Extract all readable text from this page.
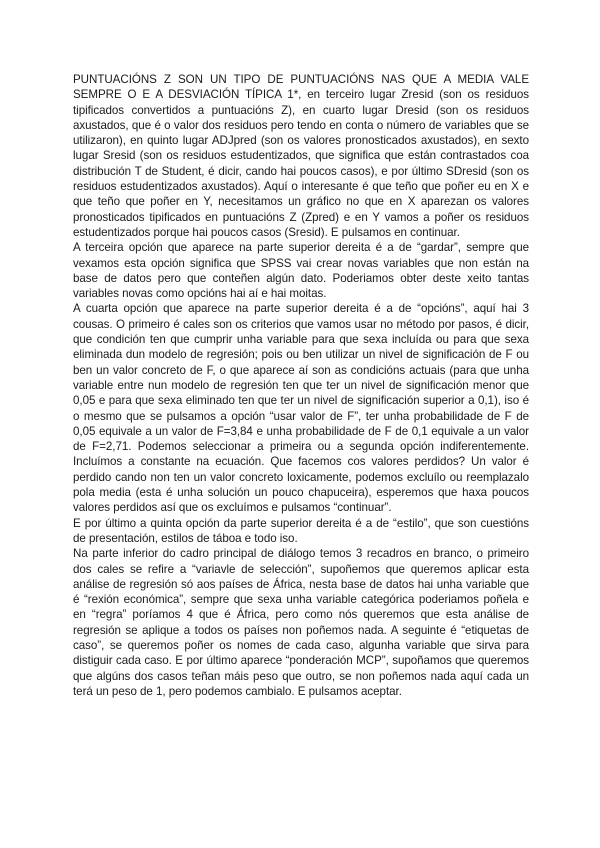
PUNTUACIÓNS Z SON UN TIPO DE PUNTUACIÓNS NAS QUE A MEDIA VALE SEMPRE O E A DESVIACIÓN TÍPICA 1*, en terceiro lugar Zresid (son os residuos tipificados convertidos a puntuacións Z), en cuarto lugar Dresid (son os residuos axustados, que é o valor dos residuos pero tendo en conta o número de variables que se utilizaron), en quinto lugar ADJpred (son os valores pronosticados axustados), en sexto lugar Sresid (son os residuos estudentizados, que significa que están contrastados coa distribución T de Student, é dicir, cando hai poucos casos), e por último SDresid (son os residuos estudentizados axustados). Aquí o interesante é que teño que poñer eu en X e que teño que poñer en Y, necesitamos un gráfico no que en X aparezan os valores pronosticados tipificados en puntuacións Z (Zpred) e en Y vamos a poñer os residuos estudentizados porque hai poucos casos (Sresid). E pulsamos en continuar.

A terceira opción que aparece na parte superior dereita é a de “gardar”, sempre que vexamos esta opción significa que SPSS vai crear novas variables que non están na base de datos pero que conteñen algún dato. Poderiamos obter deste xeito tantas variables novas como opcións hai aí e hai moitas.

A cuarta opción que aparece na parte superior dereita é a de “opcións”, aquí hai 3 cousas. O primeiro é cales son os criterios que vamos usar no método por pasos, é dicir, que condición ten que cumprir unha variable para que sexa incluída ou para que sexa eliminada dun modelo de regresión; pois ou ben utilizar un nivel de significación de F ou ben un valor concreto de F, o que aparece aí son as condicións actuais (para que unha variable entre nun modelo de regresión ten que ter un nivel de significación menor que 0,05 e para que sexa eliminado ten que ter un nivel de significación superior a 0,1), iso é o mesmo que se pulsamos a opción “usar valor de F”, ter unha probabilidade de F de 0,05 equivale a un valor de F=3,84 e unha probabilidade de F de 0,1 equivale a un valor de F=2,71. Podemos seleccionar a primeira ou a segunda opción indiferentemente. Incluímos a constante na ecuación. Que facemos cos valores perdidos? Un valor é perdido cando non ten un valor concreto loxicamente, podemos excluílo ou reemplazalo pola media (esta é unha solución un pouco chapuceira), esperemos que haxa poucos valores perdidos así que os excluímos e pulsamos “continuar”.

E por último a quinta opción da parte superior dereita é a de “estilo”, que son cuestións de presentación, estilos de táboa e todo iso.

Na parte inferior do cadro principal de diálogo temos 3 recadros en branco, o primeiro dos cales se refire a “variavle de selección”, supoñemos que queremos aplicar esta análise de regresión só aos países de África, nesta base de datos hai unha variable que é “rexión económica”, sempre que sexa unha variable categórica poderiamos poñela e en “regra” poríamos 4 que é África, pero como nós queremos que esta análise de regresión se aplique a todos os países non poñemos nada. A seguinte é “etiquetas de caso”, se queremos poñer os nomes de cada caso, algunha variable que sirva para distiguir cada caso. E por último aparece “ponderación MCP”, supoñamos que queremos que algúns dos casos teñan máis peso que outro, se non poñemos nada aquí cada un terá un peso de 1, pero podemos cambialo. E pulsamos aceptar.
